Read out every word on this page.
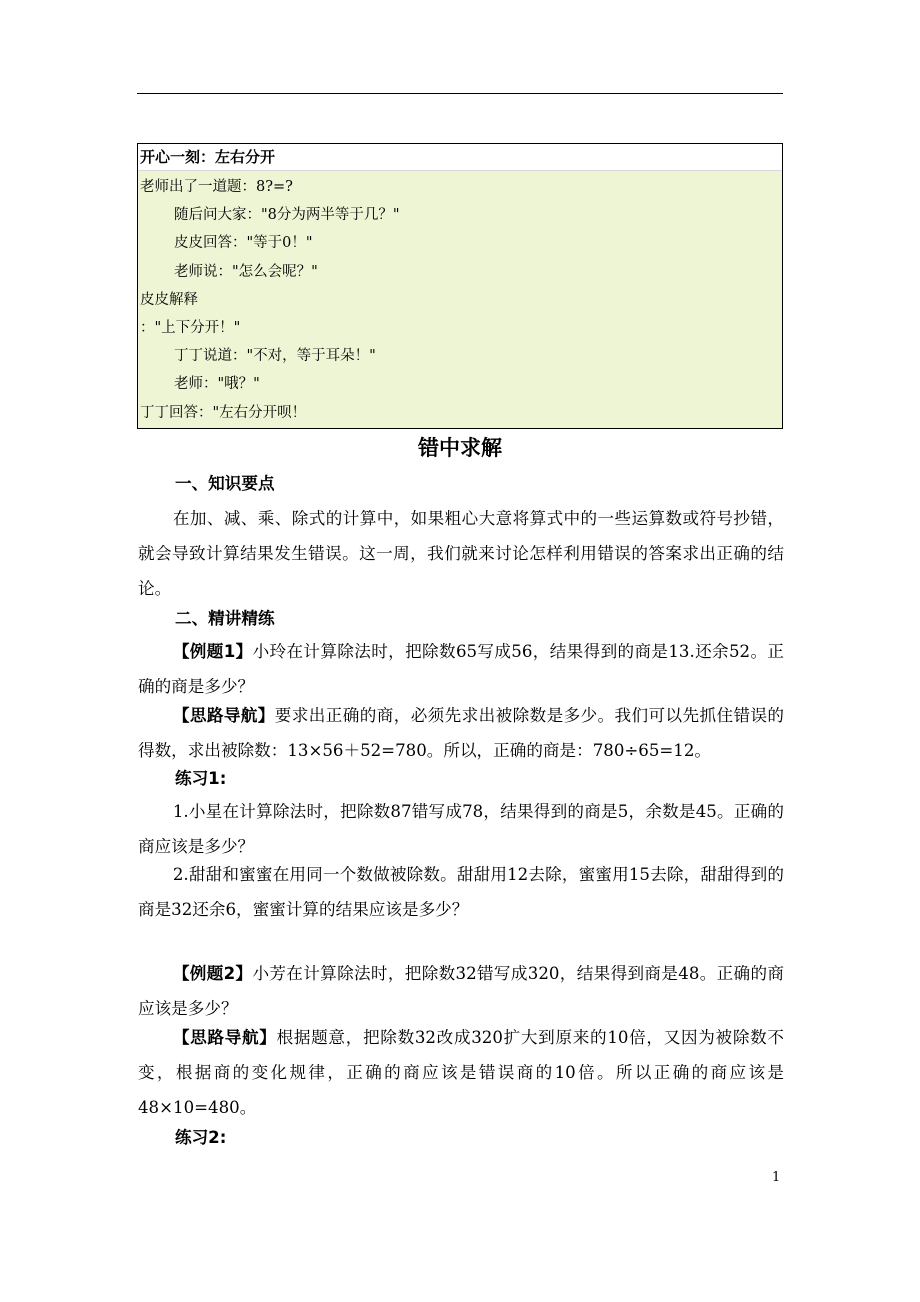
开心一刻：左右分开
老师出了一道题：8?=?
随后问大家："8分为两半等于几？"
皮皮回答："等于0！"
老师说："怎么会呢？"
皮皮解释
："上下分开！"
丁丁说道："不对，等于耳朵！"
老师："哦？"
丁丁回答："左右分开呗！
错中求解
一、知识要点
在加、减、乘、除式的计算中，如果粗心大意将算式中的一些运算数或符号抄错，就会导致计算结果发生错误。这一周，我们就来讨论怎样利用错误的答案求出正确的结论。
二、精讲精练
【例题1】小玲在计算除法时，把除数65写成56，结果得到的商是13.还余52。正确的商是多少？
【思路导航】要求出正确的商，必须先求出被除数是多少。我们可以先抓住错误的得数，求出被除数：13×56＋52=780。所以，正确的商是：780÷65=12。
练习1:
1.小星在计算除法时，把除数87错写成78，结果得到的商是5，余数是45。正确的商应该是多少？
2.甜甜和蜜蜜在用同一个数做被除数。甜甜用12去除，蜜蜜用15去除，甜甜得到的商是32还余6，蜜蜜计算的结果应该是多少？
【例题2】小芳在计算除法时，把除数32错写成320，结果得到商是48。正确的商应该是多少？
【思路导航】根据题意，把除数32改成320扩大到原来的10倍，又因为被除数不变，根据商的变化规律，正确的商应该是错误商的10倍。所以正确的商应该是48×10=480。
练习2:
1
